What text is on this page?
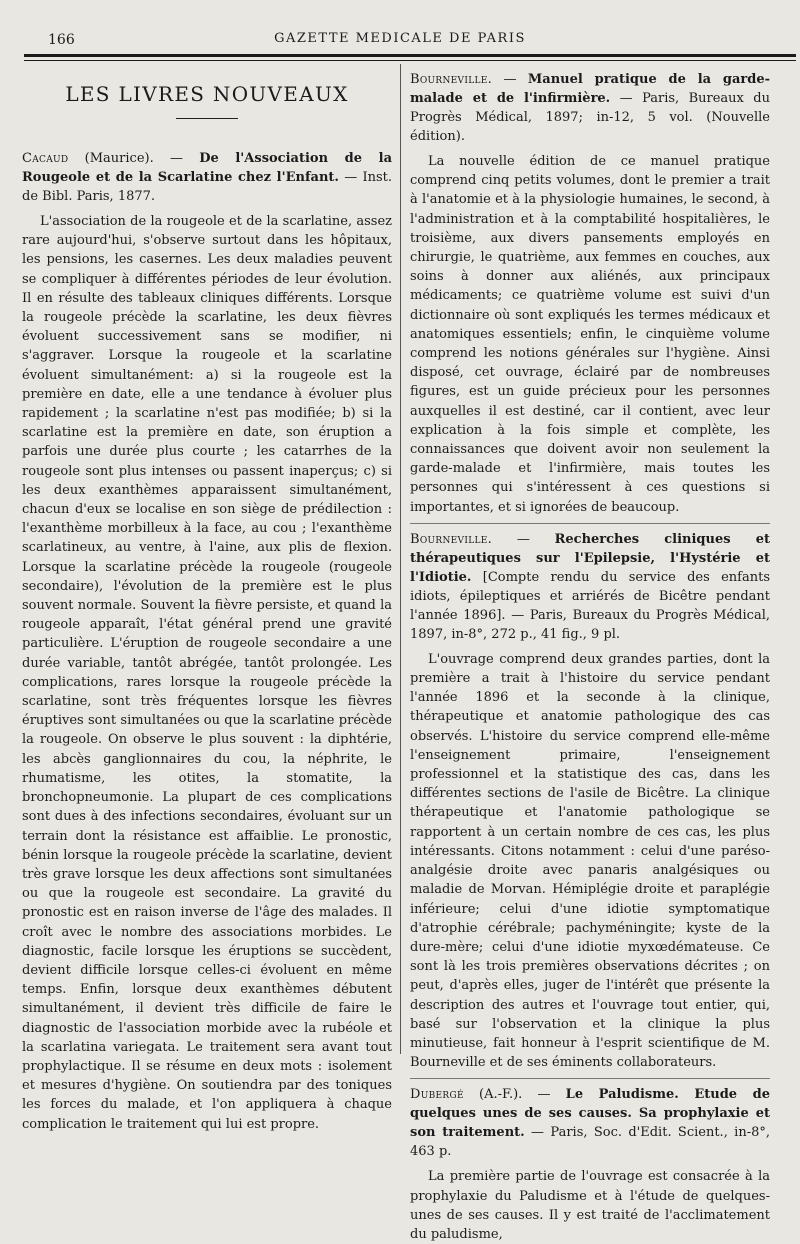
166	GAZETTE MEDICALE DE PARIS
LES LIVRES NOUVEAUX
Cacaud (Maurice). — De l'Association de la Rougeole et de la Scarlatine chez l'Enfant. — Inst. de Bibl. Paris, 1877.

L'association de la rougeole et de la scarlatine, assez rare aujourd'hui, s'observe surtout dans les hôpitaux, les pensions, les casernes. Les deux maladies peuvent se compliquer à différentes périodes de leur évolution. Il en résulte des tableaux cliniques différents. Lorsque la rougeole précède la scarlatine, les deux fièvres évoluent successivement sans se modifier, ni s'aggraver. Lorsque la rougeole et la scarlatine évoluent simultanément: a) si la rougeole est la première en date, elle a une tendance à évoluer plus rapidement ; la scarlatine n'est pas modifiée; b) si la scarlatine est la première en date, son éruption a parfois une durée plus courte ; les catarrhes de la rougeole sont plus intenses ou passent inaperçus; c) si les deux exanthèmes apparaissent simultanément, chacun d'eux se localise en son siège de prédilection : l'exanthème morbilleux à la face, au cou ; l'exanthème scarlatineux, au ventre, à l'aine, aux plis de flexion. Lorsque la scarlatine précède la rougeole (rougeole secondaire), l'évolution de la première est le plus souvent normale. Souvent la fièvre persiste, et quand la rougeole apparaît, l'état général prend une gravité particulière. L'éruption de rougeole secondaire a une durée variable, tantôt abrégée, tantôt prolongée. Les complications, rares lorsque la rougeole précède la scarlatine, sont très fréquentes lorsque les fièvres éruptives sont simultanées ou que la scarlatine précède la rougeole. On observe le plus souvent : la diphtérie, les abcès ganglionnaires du cou, la néphrite, le rhumatisme, les otites, la stomatite, la bronchopneumonie. La plupart de ces complications sont dues à des infections secondaires, évoluant sur un terrain dont la résistance est affaiblie. Le pronostic, bénin lorsque la rougeole précède la scarlatine, devient très grave lorsque les deux affections sont simultanées ou que la rougeole est secondaire. La gravité du pronostic est en raison inverse de l'âge des malades. Il croît avec le nombre des associations morbides. Le diagnostic, facile lorsque les éruptions se succèdent, devient difficile lorsque celles-ci évoluent en même temps. Enfin, lorsque deux exanthèmes débutent simultanément, il devient très difficile de faire le diagnostic de l'association morbide avec la rubéole et la scarlatina variegata. Le traitement sera avant tout prophylactique. Il se résume en deux mots : isolement et mesures d'hygiène. On soutiendra par des toniques les forces du malade, et l'on appliquera à chaque complication le traitement qui lui est propre.

Bourneville. — Manuel pratique de la garde-malade et de l'infirmière. — Paris, Bureaux du Progrès Médical, 1897; in-12, 5 vol. (Nouvelle édition).

La nouvelle édition de ce manuel pratique comprend cinq petits volumes, dont le premier a trait à l'anatomie et à la physiologie humaines, le second, à l'administration et à la comptabilité hospitalières, le troisième, aux divers pansements employés en chirurgie, le quatrième, aux femmes en couches, aux soins à donner aux aliénés, aux principaux médicaments; ce quatrième volume est suivi d'un dictionnaire où sont expliqués les termes médicaux et anatomiques essentiels; enfin, le cinquième volume comprend les notions générales sur l'hygiène. Ainsi disposé, cet ouvrage, éclairé par de nombreuses figures, est un guide précieux pour les personnes auxquelles il est destiné, car il contient, avec leur explication à la fois simple et complète, les connaissances que doivent avoir non seulement la garde-malade et l'infirmière, mais toutes les personnes qui s'intéressent à ces questions si importantes, et si ignorées de beaucoup.

Bourneville. — Recherches cliniques et thérapeutiques sur l'Epilepsie, l'Hystérie et l'Idiotie. [Compte rendu du service des enfants idiots, épileptiques et arriérés de Bicêtre pendant l'année 1896]. — Paris, Bureaux du Progrès Médical, 1897, in-8°, 272 p., 41 fig., 9 pl.

L'ouvrage comprend deux grandes parties, dont la première a trait à l'histoire du service pendant l'année 1896 et la seconde à la clinique, thérapeutique et anatomie pathologique des cas observés. L'histoire du service comprend elle-même l'enseignement primaire, l'enseignement professionnel et la statistique des cas, dans les différentes sections de l'asile de Bicêtre. La clinique thérapeutique et l'anatomie pathologique se rapportent à un certain nombre de ces cas, les plus intéressants. Citons notamment : celui d'une paréso-analgésie droite avec panaris analgésiques ou maladie de Morvan. Hémiplégie droite et paraplégie inférieure; celui d'une idiotie symptomatique d'atrophie cérébrale; pachyméningite; kyste de la dure-mère; celui d'une idiotie myxœdémateuse. Ce sont là les trois premières observations décrites ; on peut, d'après elles, juger de l'intérêt que présente la description des autres et l'ouvrage tout entier, qui, basé sur l'observation et la clinique la plus minutieuse, fait honneur à l'esprit scientifique de M. Bourneville et de ses éminents collaborateurs.

Dubergé (A.-F.). — Le Paludisme. Etude de quelques unes de ses causes. Sa prophylaxie et son traitement. — Paris, Soc. d'Edit. Scient., in-8°, 463 p.

La première partie de l'ouvrage est consacrée à la prophylaxie du Paludisme et à l'étude de quelques-unes de ses causes. Il y est traité de l'acclimatement du paludisme,
